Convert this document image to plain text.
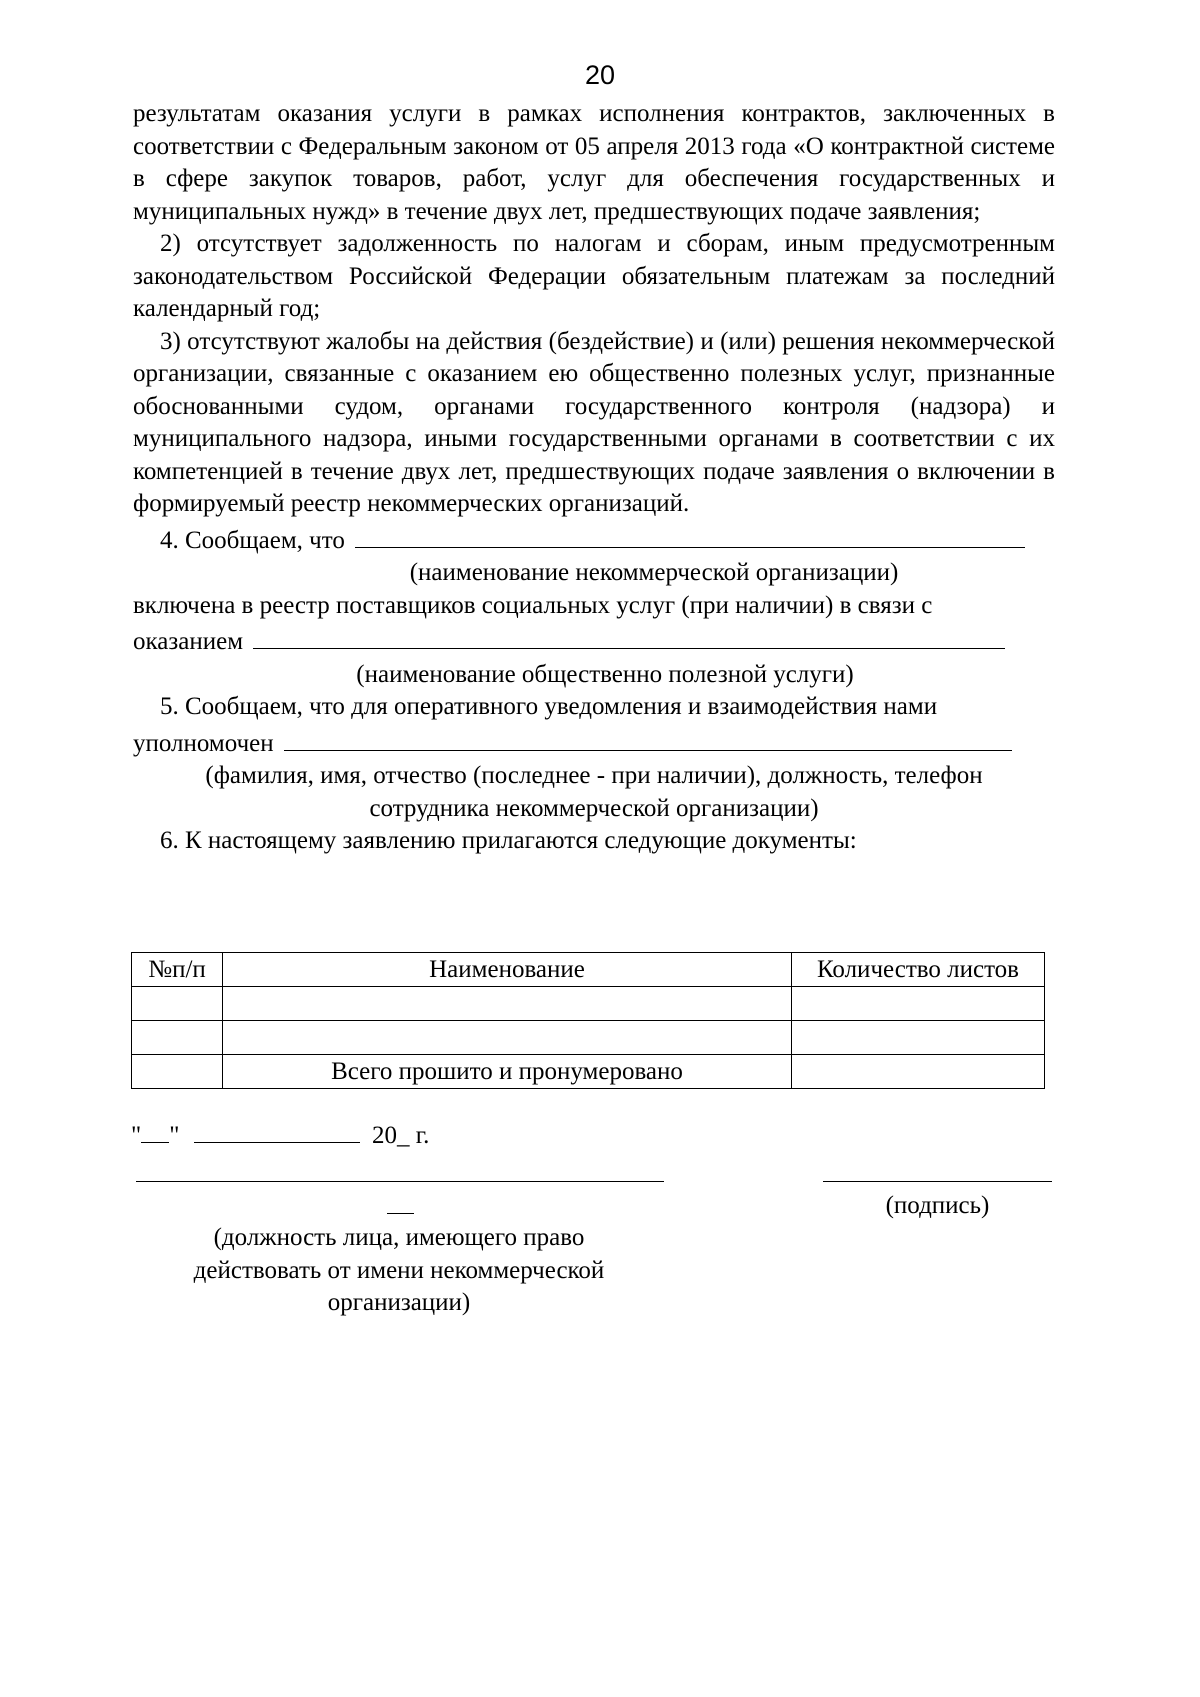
20

результатам оказания услуги в рамках исполнения контрактов, заключенных в соответствии с Федеральным законом от 05 апреля 2013 года «О контрактной системе в сфере закупок товаров, работ, услуг для обеспечения государственных и муниципальных нужд» в течение двух лет, предшествующих подаче заявления;

2) отсутствует задолженность по налогам и сборам, иным предусмотренным законодательством Российской Федерации обязательным платежам за последний календарный год;

3) отсутствуют жалобы на действия (бездействие) и (или) решения некоммерческой организации, связанные с оказанием ею общественно полезных услуг, признанные обоснованными судом, органами государственного контроля (надзора) и муниципального надзора, иными государственными органами в соответствии с их компетенцией в течение двух лет, предшествующих подаче заявления о включении в формируемый реестр некоммерческих организаций.

4. Сообщаем, что

(наименование некоммерческой организации)

включена в реестр поставщиков социальных услуг (при наличии) в связи с

оказанием

(наименование общественно полезной услуги)

5. Сообщаем, что для оперативного уведомления и взаимодействия нами

уполномочен

(фамилия, имя, отчество (последнее - при наличии), должность, телефон
сотрудника некоммерческой организации)

6. К настоящему заявлению прилагаются следующие документы:

№п/п	Наименование	Количество листов

	Всего прошито и пронумеровано	
" "	20_ г.
(подпись)
(должность лица, имеющего право
действовать от имени некоммерческой
организации)
